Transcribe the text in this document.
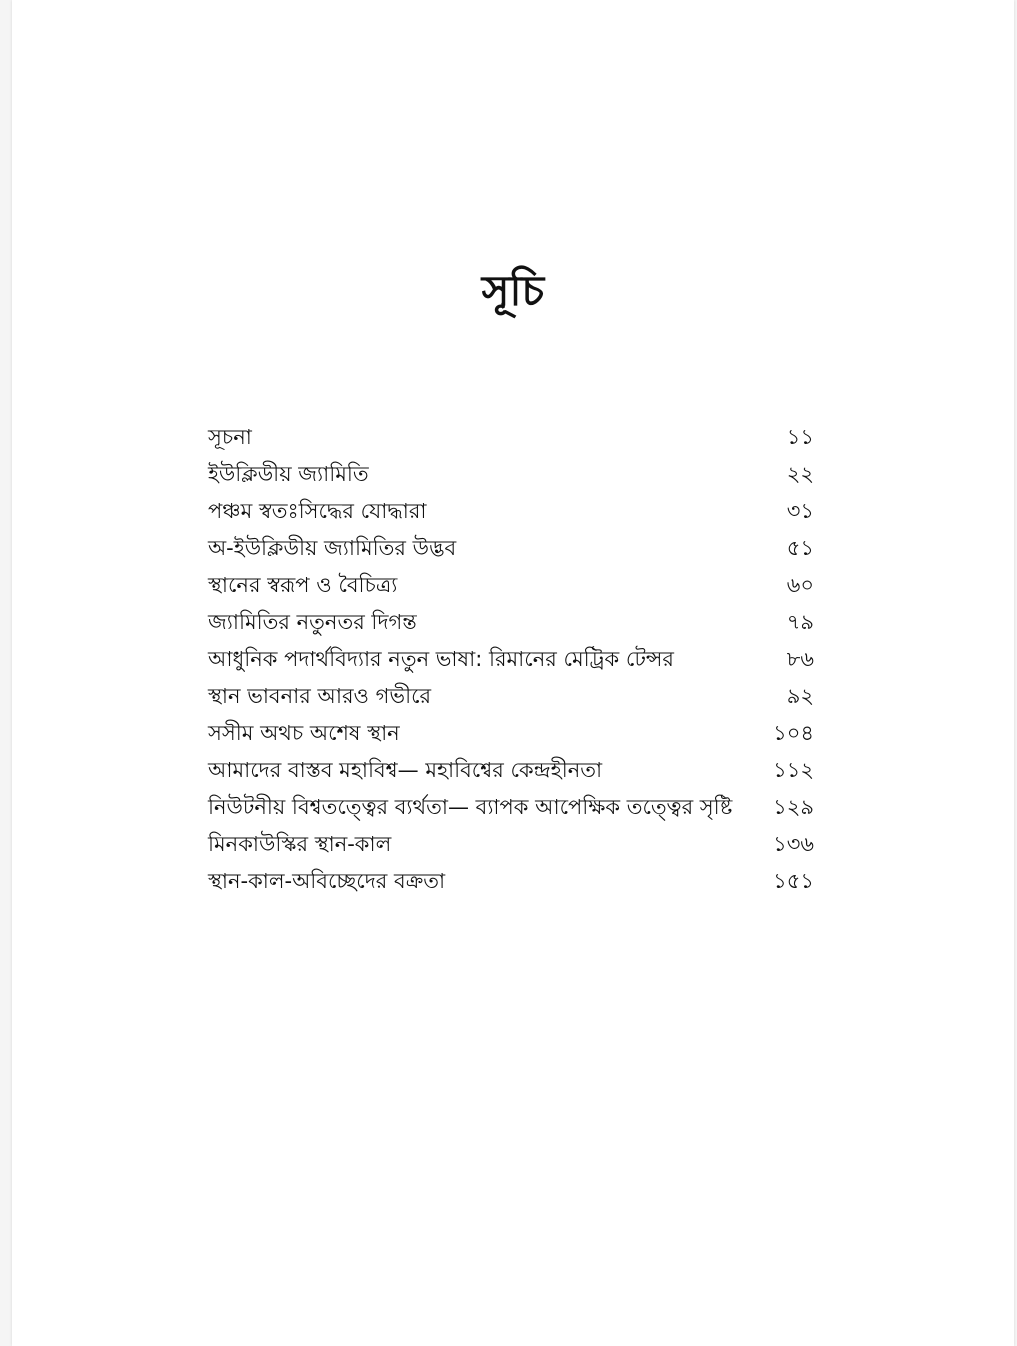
সূচি
সূচনা	১১
ইউক্লিডীয় জ্যামিতি	২২
পঞ্চম স্বতঃসিদ্ধের যোদ্ধারা	৩১
অ-ইউক্লিডীয় জ্যামিতির উদ্ভব	৫১
স্থানের স্বরূপ ও বৈচিত্র্য	৬০
জ্যামিতির নতুনতর দিগন্ত	৭৯
আধুনিক পদার্থবিদ্যার নতুন ভাষা: রিমানের মেট্রিক টেন্সর	৮৬
স্থান ভাবনার আরও গভীরে	৯২
সসীম অথচ অশেষ স্থান	১০৪
আমাদের বাস্তব মহাবিশ্ব— মহাবিশ্বের কেন্দ্রহীনতা	১১২
নিউটনীয় বিশ্বতত্ত্বের ব্যর্থতা— ব্যাপক আপেক্ষিক তত্ত্বের সৃষ্টি ১২৯
মিনকাউস্কির স্থান-কাল	১৩৬
স্থান-কাল-অবিচ্ছেদের বক্রতা	১৫১
